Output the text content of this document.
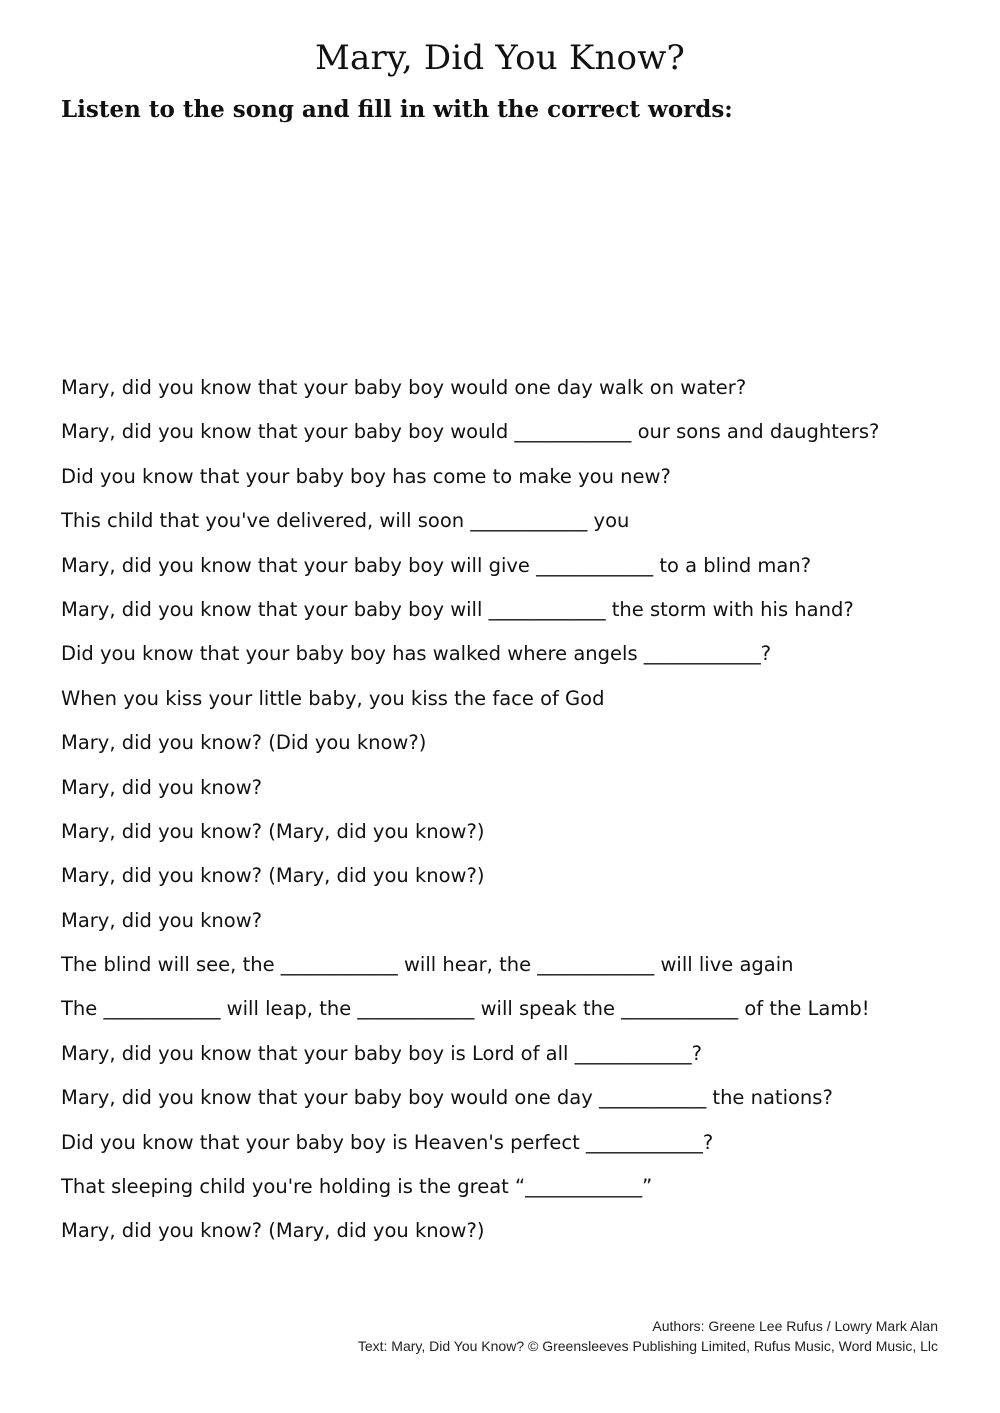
Mary, Did You Know?
Listen to the song and fill in with the correct words:
Mary, did you know that your baby boy would one day walk on water?
Mary, did you know that your baby boy would ____________ our sons and daughters?
Did you know that your baby boy has come to make you new?
This child that you've delivered, will soon ____________ you
Mary, did you know that your baby boy will give ____________ to a blind man?
Mary, did you know that your baby boy will ____________ the storm with his hand?
Did you know that your baby boy has walked where angels ____________?
When you kiss your little baby, you kiss the face of God
Mary, did you know? (Did you know?)
Mary, did you know?
Mary, did you know? (Mary, did you know?)
Mary, did you know? (Mary, did you know?)
Mary, did you know?
The blind will see, the ____________ will hear, the ____________ will live again
The ____________ will leap, the ____________ will speak the ____________ of the Lamb!
Mary, did you know that your baby boy is Lord of all ____________?
Mary, did you know that your baby boy would one day ___________ the nations?
Did you know that your baby boy is Heaven's perfect ____________?
That sleeping child you're holding is the great “____________”
Mary, did you know? (Mary, did you know?)
Authors: Greene Lee Rufus / Lowry Mark Alan
Text: Mary, Did You Know? © Greensleeves Publishing Limited, Rufus Music, Word Music, Llc
